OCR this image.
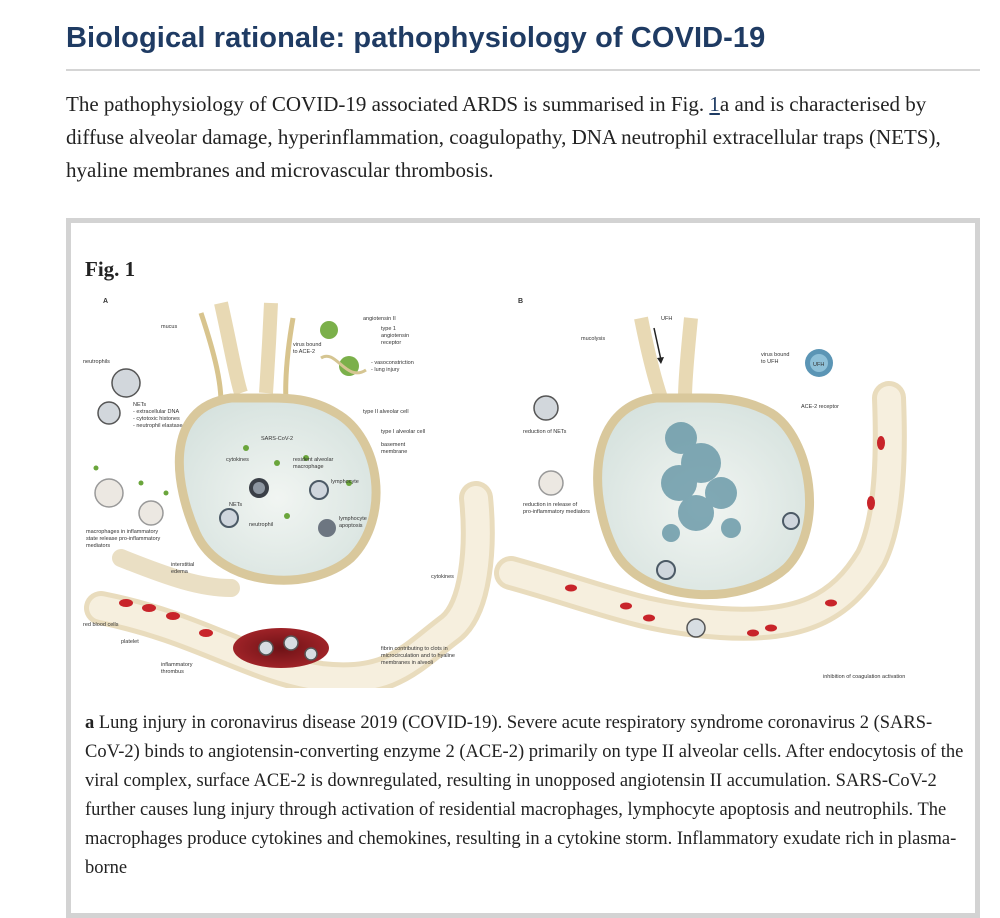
Biological rationale: pathophysiology of COVID-19

The pathophysiology of COVID-19 associated ARDS is summarised in Fig. 1a and is characterised by diffuse alveolar damage, hyperinflammation, coagulopathy, DNA neutrophil extracellular traps (NETS), hyaline membranes and microvascular thrombosis.

Fig. 1
A
mucus
neutrophils
NETs
- extracellular DNA
- cytotoxic histones
- neutrophil elastase
angiotensin II
type 1
angiotensin
receptor
virus bound
to ACE-2
- vasoconstriction
- lung injury
type II alveolar cell
type I alveolar cell
basement
membrane
SARS-CoV-2
cytokines	resident alveolar
macrophage
lymphocyte
NETs
neutrophil
lymphocyte
apoptosis
macrophages in inflammatory
state release pro-inflammatory
mediators
interstitial
edema
cytokines
red blood cells
platelet
inflammatory
thrombus
fibrin contributing to clots in
microcirculation and to hyaline
membranes in alveoli
B
UFH
mucolysis
virus bound
to UFH	UFH
ACE-2 receptor
reduction of NETs
reduction in release of
pro-inflammatory mediators
inhibition of coagulation activation

a Lung injury in coronavirus disease 2019 (COVID-19). Severe acute respiratory syndrome coronavirus 2 (SARS-CoV-2) binds to angiotensin-converting enzyme 2 (ACE-2) primarily on type II alveolar cells. After endocytosis of the viral complex, surface ACE-2 is downregulated, resulting in unopposed angiotensin II accumulation. SARS-CoV-2 further causes lung injury through activation of residential macrophages, lymphocyte apoptosis and neutrophils. The macrophages produce cytokines and chemokines, resulting in a cytokine storm. Inflammatory exudate rich in plasma-borne
